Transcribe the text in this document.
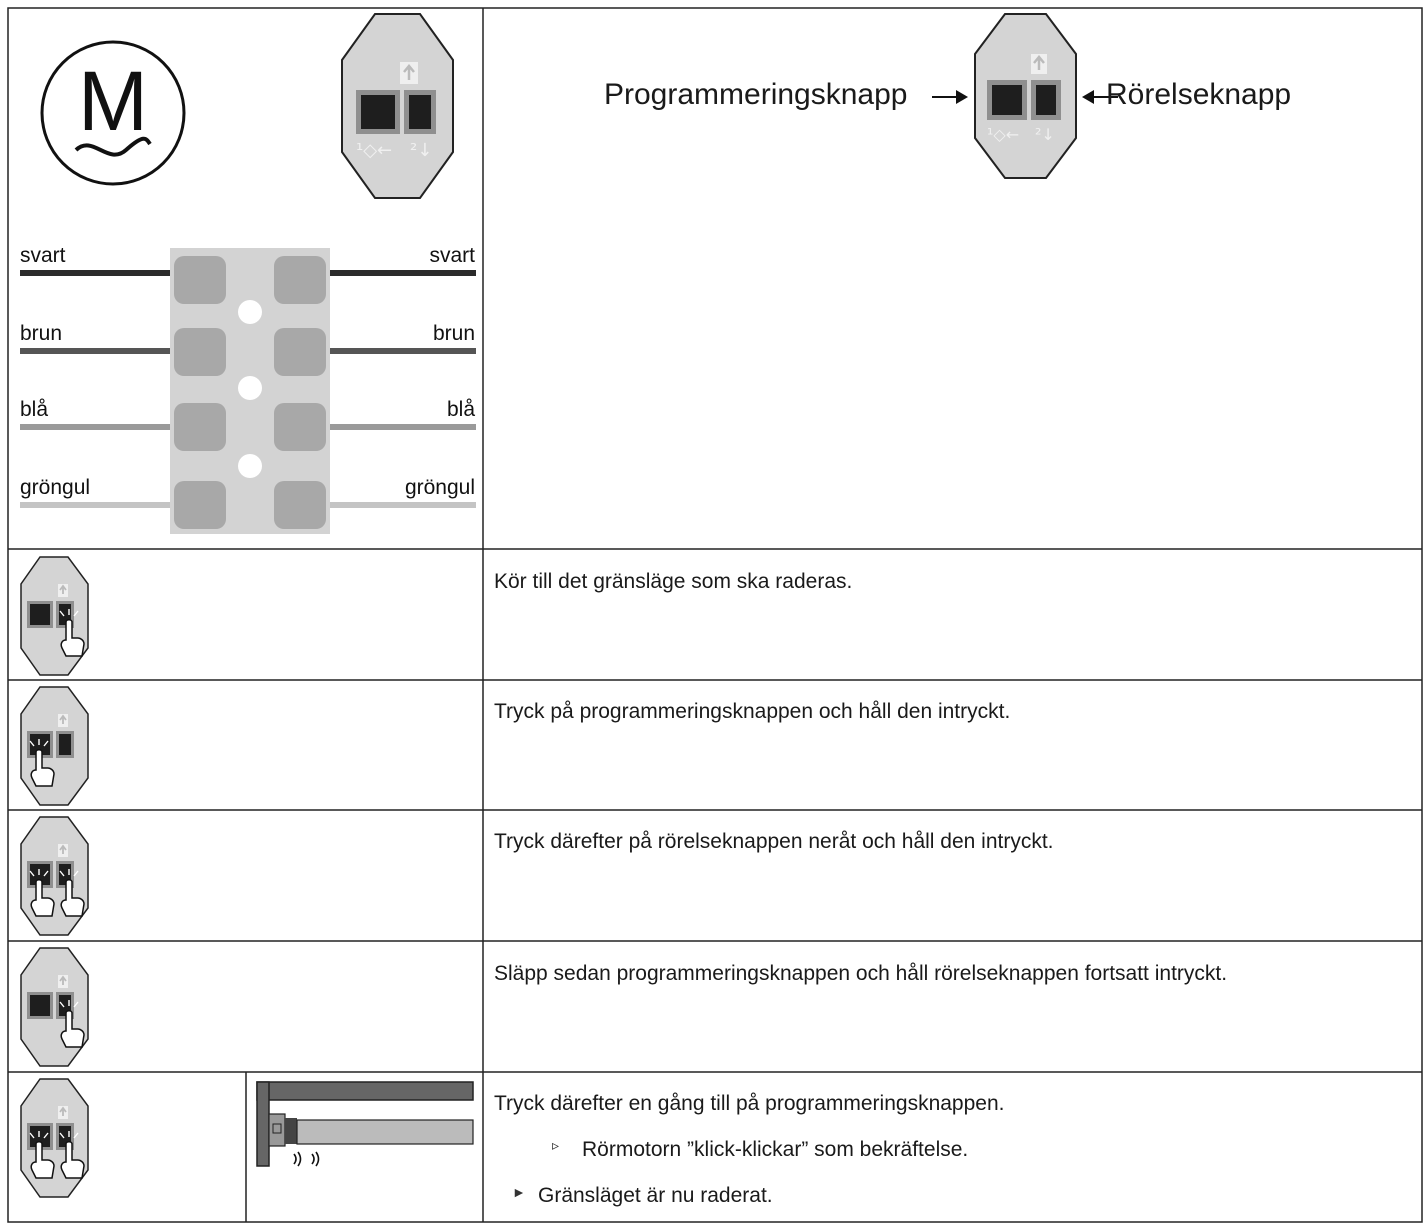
M
¹◇← ²↓
svart	svart
brun	brun
blå	blå
gröngul	gröngul
Programmeringsknapp
¹◇← ²↓
Rörelseknapp
Kör till det gränsläge som ska raderas.
Tryck på programmeringsknappen och håll den intryckt.
Tryck därefter på rörelseknappen neråt och håll den intryckt.
Släpp sedan programmeringsknappen och håll rörelseknappen fortsatt intryckt.
Tryck därefter en gång till på programmeringsknappen.
▹ Rörmotorn ”klick-klickar” som bekräftelse.
► Gränsläget är nu raderat.
